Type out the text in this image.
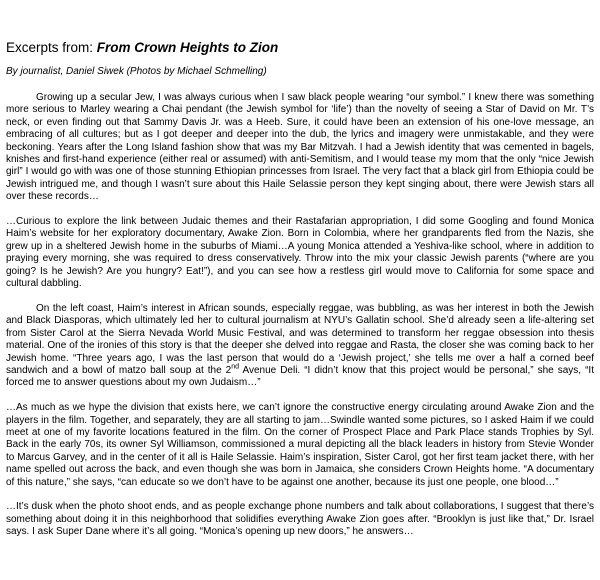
Excerpts from: From Crown Heights to Zion
By journalist, Daniel Siwek (Photos by Michael Schmelling)

Growing up a secular Jew, I was always curious when I saw black people wearing “our symbol.” I knew there was something more serious to Marley wearing a Chai pendant (the Jewish symbol for ‘life’) than the novelty of seeing a Star of David on Mr. T’s neck, or even finding out that Sammy Davis Jr. was a Heeb. Sure, it could have been an extension of his one-love message, an embracing of all cultures; but as I got deeper and deeper into the dub, the lyrics and imagery were unmistakable, and they were beckoning. Years after the Long Island fashion show that was my Bar Mitzvah. I had a Jewish identity that was cemented in bagels, knishes and first-hand experience (either real or assumed) with anti-Semitism, and I would tease my mom that the only “nice Jewish girl” I would go with was one of those stunning Ethiopian princesses from Israel. The very fact that a black girl from Ethiopia could be Jewish intrigued me, and though I wasn’t sure about this Haile Selassie person they kept singing about, there were Jewish stars all over these records…

…Curious to explore the link between Judaic themes and their Rastafarian appropriation, I did some Googling and found Monica Haim’s website for her exploratory documentary, Awake Zion. Born in Colombia, where her grandparents fled from the Nazis, she grew up in a sheltered Jewish home in the suburbs of Miami…A young Monica attended a Yeshiva-like school, where in addition to praying every morning, she was required to dress conservatively. Throw into the mix your classic Jewish parents (“where are you going? Is he Jewish? Are you hungry? Eat!”), and you can see how a restless girl would move to California for some space and cultural dabbling.

On the left coast, Haim’s interest in African sounds, especially reggae, was bubbling, as was her interest in both the Jewish and Black Diasporas, which ultimately led her to cultural journalism at NYU’s Gallatin school. She’d already seen a life-altering set from Sister Carol at the Sierra Nevada World Music Festival, and was determined to transform her reggae obsession into thesis material. One of the ironies of this story is that the deeper she delved into reggae and Rasta, the closer she was coming back to her Jewish home. “Three years ago, I was the last person that would do a ‘Jewish project,’ she tells me over a half a corned beef sandwich and a bowl of matzo ball soup at the 2nd Avenue Deli. “I didn’t know that this project would be personal,” she says, “It forced me to answer questions about my own Judaism…”

…As much as we hype the division that exists here, we can’t ignore the constructive energy circulating around Awake Zion and the players in the film. Together, and separately, they are all starting to jam…Swindle wanted some pictures, so I asked Haim if we could meet at one of my favorite locations featured in the film. On the corner of Prospect Place and Park Place stands Trophies by Syl. Back in the early 70s, its owner Syl Williamson, commissioned a mural depicting all the black leaders in history from Stevie Wonder to Marcus Garvey, and in the center of it all is Haile Selassie. Haim’s inspiration, Sister Carol, got her first team jacket there, with her name spelled out across the back, and even though she was born in Jamaica, she considers Crown Heights home. “A documentary of this nature,” she says, “can educate so we don’t have to be against one another, because its just one people, one blood…”

…It’s dusk when the photo shoot ends, and as people exchange phone numbers and talk about collaborations, I suggest that there’s something about doing it in this neighborhood that solidifies everything Awake Zion goes after. “Brooklyn is just like that,” Dr. Israel says. I ask Super Dane where it’s all going. “Monica’s opening up new doors,” he answers…
